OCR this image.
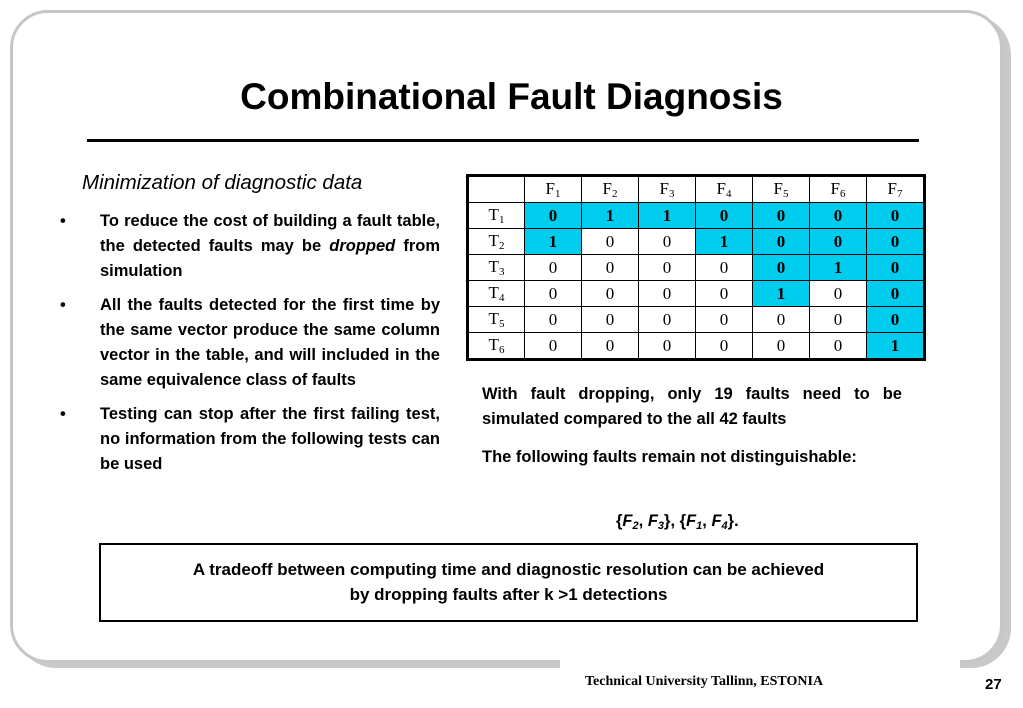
Combinational Fault Diagnosis
Minimization of diagnostic data
• To reduce the cost of building a fault table, the detected faults may be dropped from simulation
• All the faults detected for the first time by the same vector produce the same column vector in the table, and will included in the same equivalence class of faults
• Testing can stop after the first failing test, no information from the following tests can be used
	$F_1$	$F_2$	$F_3$	$F_4$	$F_5$	$F_6$	$F_7$
$T_1$	0	1	1	0	0	0	0
$T_2$	1	0	0	1	0	0	0
$T_3$	0	0	0	0	0	1	0
$T_4$	0	0	0	0	1	0	0
$T_5$	0	0	0	0	0	0	0
$T_6$	0	0	0	0	0	0	1

With fault dropping, only 19 faults need to be simulated compared to the all 42 faults

The following faults remain not distinguishable:

{$F_2$, $F_3$}, {$F_1$, $F_4$}.
A tradeoff between computing time and diagnostic resolution can be achieved
by dropping faults after k >1 detections
Technical University Tallinn, ESTONIA	27
